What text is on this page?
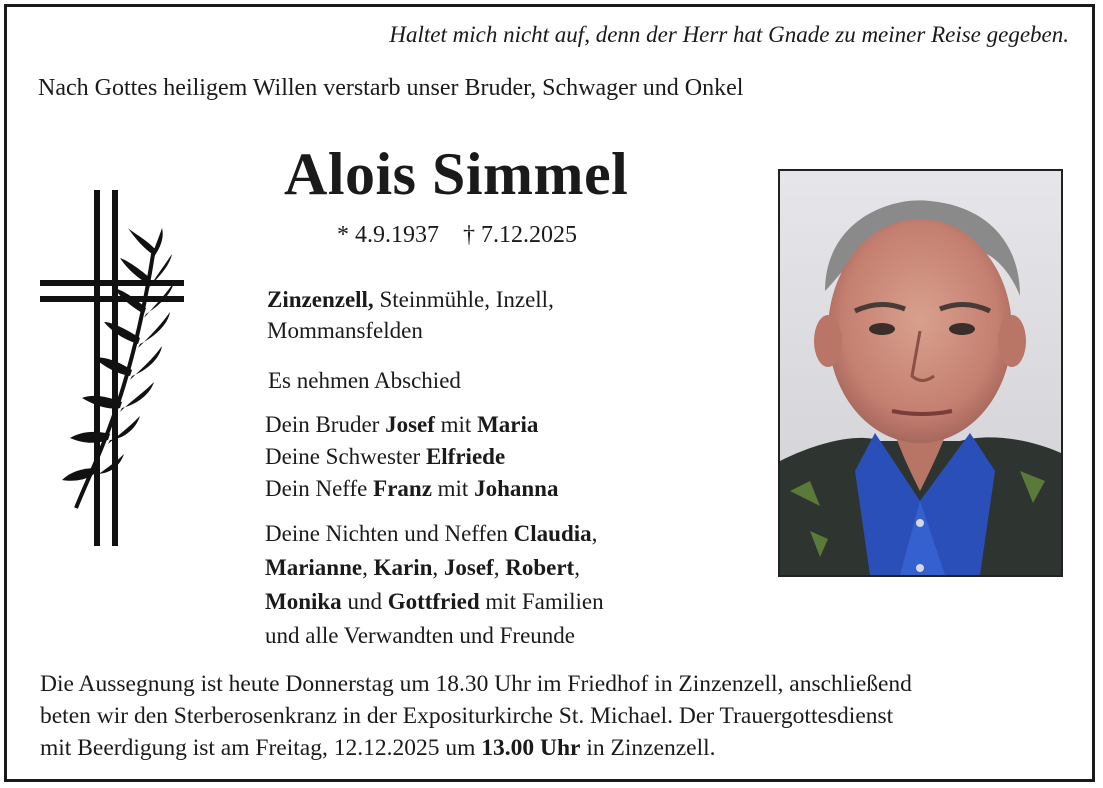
Haltet mich nicht auf, denn der Herr hat Gnade zu meiner Reise gegeben.
Nach Gottes heiligem Willen verstarb unser Bruder, Schwager und Onkel
Alois Simmel
* 4.9.1937    † 7.12.2025
Zinzenzell, Steinmühle, Inzell,
Mommansfelden
Es nehmen Abschied
Dein Bruder Josef mit Maria
Deine Schwester Elfriede
Dein Neffe Franz mit Johanna
Deine Nichten und Neffen Claudia,
Marianne, Karin, Josef, Robert,
Monika und Gottfried mit Familien
und alle Verwandten und Freunde
Die Aussegnung ist heute Donnerstag um 18.30 Uhr im Friedhof in Zinzenzell, anschließend
beten wir den Sterberosenkranz in der Expositurkirche St. Michael. Der Trauergottesdienst
mit Beerdigung ist am Freitag, 12.12.2025 um 13.00 Uhr in Zinzenzell.
